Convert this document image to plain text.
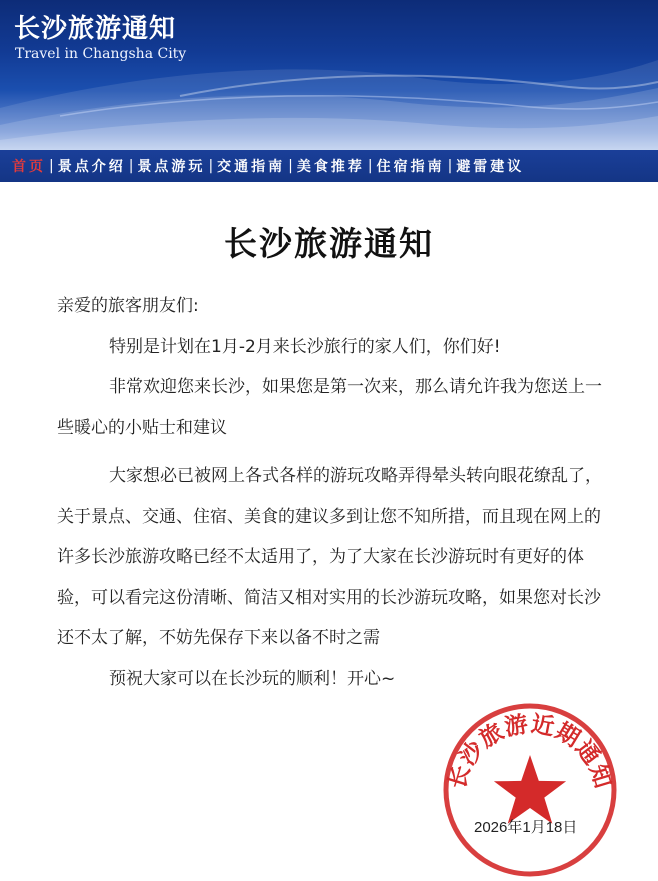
长沙旅游通知
Travel in Changsha City
首页 | 景点介绍 | 景点游玩 | 交通指南 | 美食推荐 | 住宿指南 | 避雷建议
长沙旅游通知

亲爱的旅客朋友们:

特别是计划在1月-2月来长沙旅行的家人们，你们好!

非常欢迎您来长沙，如果您是第一次来，那么请允许我为您送上一些暖心的小贴士和建议

大家想必已被网上各式各样的游玩攻略弄得晕头转向眼花缭乱了，关于景点、交通、住宿、美食的建议多到让您不知所措，而且现在网上的许多长沙旅游攻略已经不太适用了，为了大家在长沙游玩时有更好的体验，可以看完这份清晰、简洁又相对实用的长沙游玩攻略，如果您对长沙还不太了解，不妨先保存下来以备不时之需

预祝大家可以在长沙玩的顺利！开心~

长沙旅游近期通知
2026年1月18日
